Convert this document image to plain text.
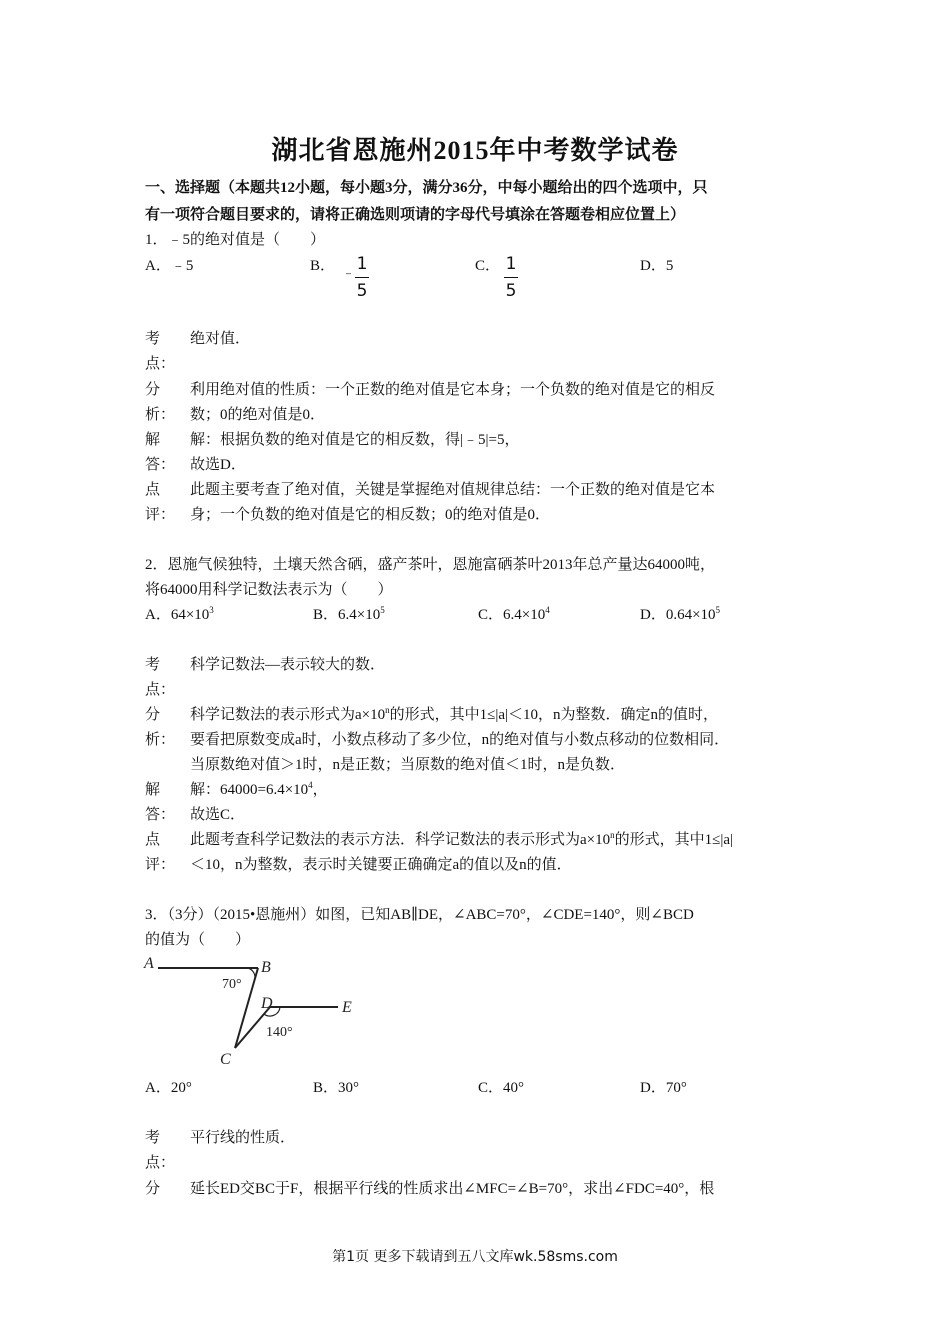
湖北省恩施州2015年中考数学试卷
一、选择题（本题共12小题，每小题3分，满分36分，中每小题给出的四个选项中，只
有一项符合题目要求的，请将正确选则项请的字母代号填涂在答题卷相应位置上）
1．﹣5的绝对值是（　　）
A．﹣5	B． ﹣ 1
5
C． 1
5
D．5
考
点：
绝对值．
分
析：
利用绝对值的性质：一个正数的绝对值是它本身；一个负数的绝对值是它的相反
数；0的绝对值是0．
解
答：
解：根据负数的绝对值是它的相反数，得|﹣5|=5，
故选D．
点
评：
此题主要考查了绝对值，关键是掌握绝对值规律总结：一个正数的绝对值是它本
身；一个负数的绝对值是它的相反数；0的绝对值是0．
2．恩施气候独特，土壤天然含硒，盛产茶叶，恩施富硒茶叶2013年总产量达64000吨，
将64000用科学记数法表示为（　　）
A．$64\times 10^3$	B．$6.4\times 10^5$	C．$6.4\times 10^4$	D．$0.64\times 10^5$
考
点：
科学记数法—表示较大的数．
分
析：
科学记数法的表示形式为$a\times 10^n$的形式，其中1≤|a|＜10，n为整数．确定n的值时，
要看把原数变成a时，小数点移动了多少位，n的绝对值与小数点移动的位数相同．
当原数绝对值＞1时，n是正数；当原数的绝对值＜1时，n是负数．
解
答：
解：$64000=6.4\times 10^4$，
故选C．
点
评：
此题考查科学记数法的表示方法．科学记数法的表示形式为$a\times 10^n$的形式，其中1≤|a|
＜10，n为整数，表示时关键要正确确定a的值以及n的值．
3．（3分）（2015•恩施州）如图，已知AB∥DE，∠ABC=70°，∠CDE=140°，则∠BCD
的值为（　　）
A	B
C
D	E
70°
140°
A．20°	B．30°	C．40°	D．70°
考
点：
平行线的性质．
分 延长ED交BC于F，根据平行线的性质求出∠MFC=∠B=70°，求出∠FDC=40°，根
第1页 更多下载请到五八文库wk.58sms.com
